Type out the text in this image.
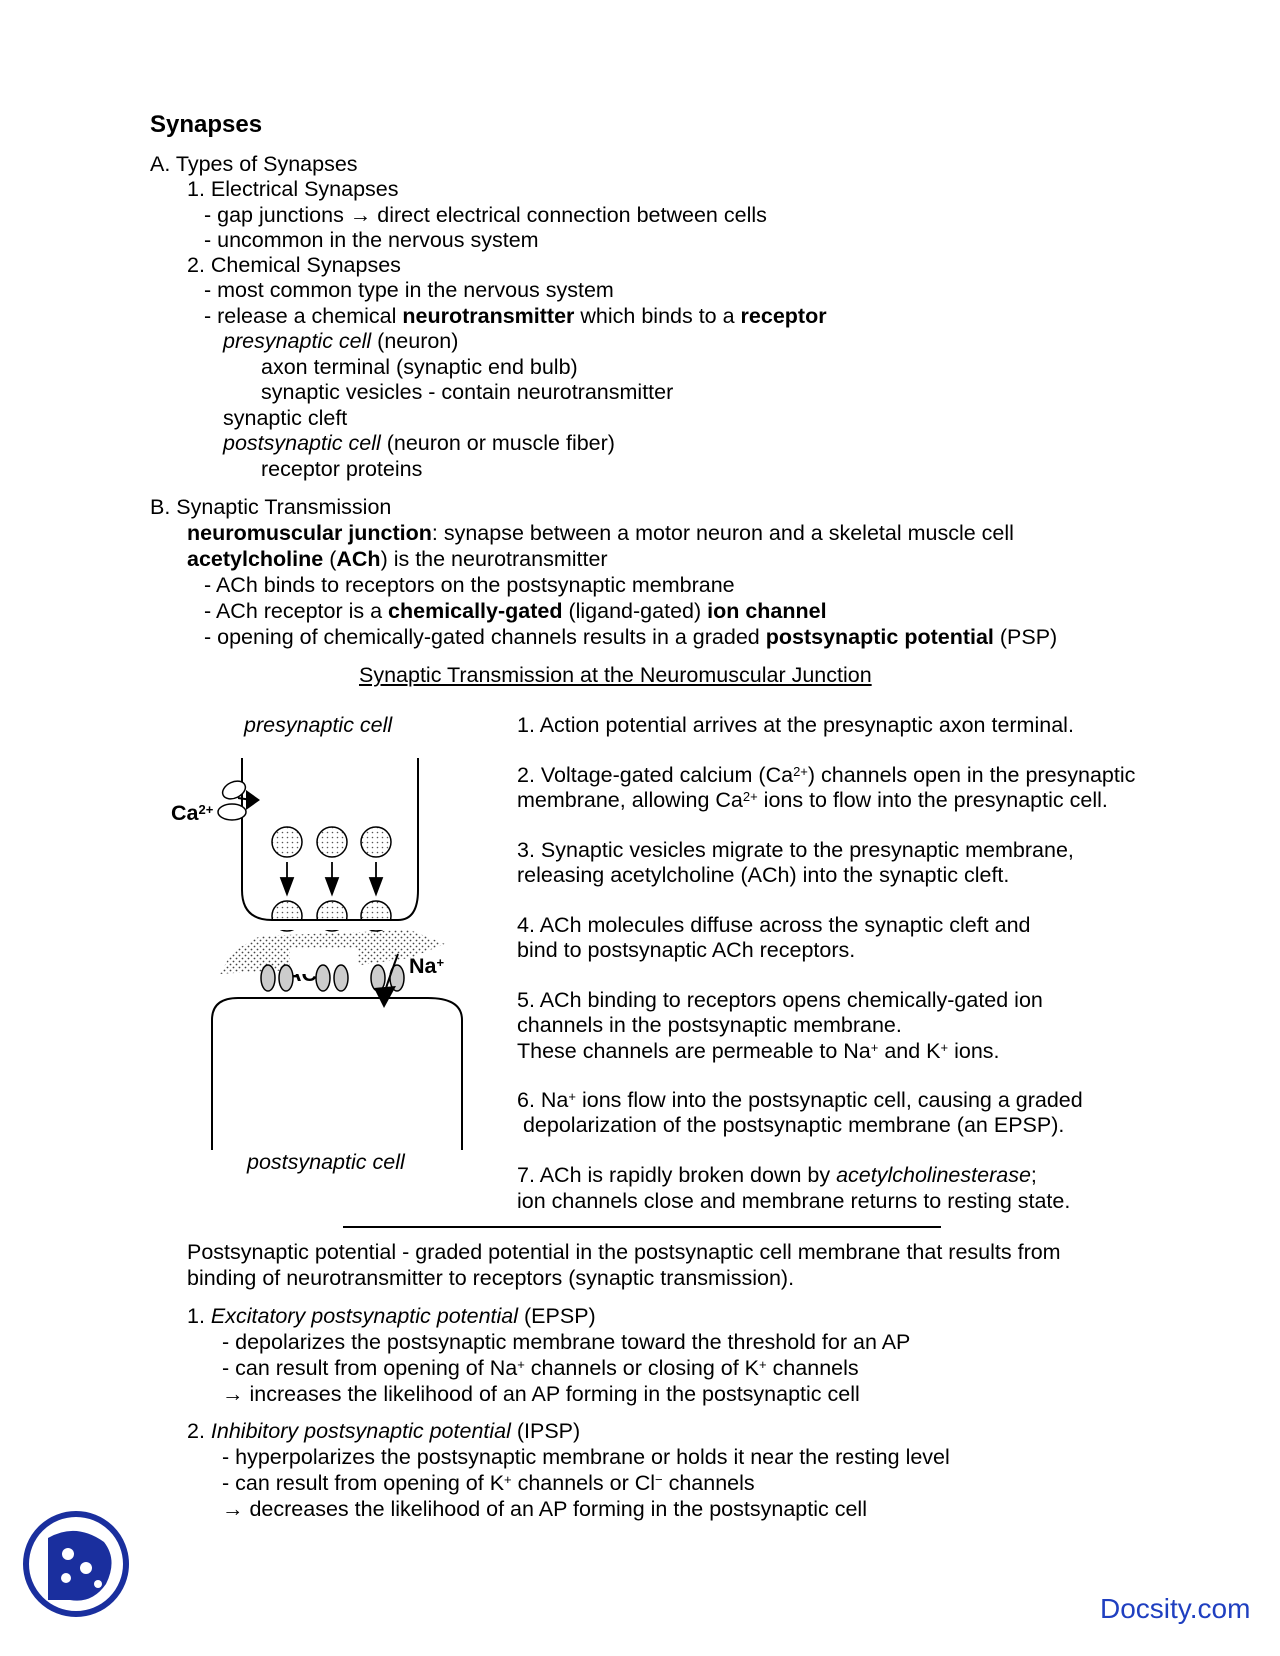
Synapses
A. Types of Synapses
1. Electrical Synapses
- gap junctions → direct electrical connection between cells
- uncommon in the nervous system
2. Chemical Synapses
- most common type in the nervous system
- release a chemical neurotransmitter which binds to a receptor
presynaptic cell (neuron)
axon terminal (synaptic end bulb)
synaptic vesicles - contain neurotransmitter
synaptic cleft
postsynaptic cell (neuron or muscle fiber)
receptor proteins
B. Synaptic Transmission
neuromuscular junction: synapse between a motor neuron and a skeletal muscle cell
acetylcholine (ACh) is the neurotransmitter
- ACh binds to receptors on the postsynaptic membrane
- ACh receptor is a chemically-gated (ligand-gated) ion channel
- opening of chemically-gated channels results in a graded postsynaptic potential (PSP)
Synaptic Transmission at the Neuromuscular Junction
presynaptic cell
postsynaptic cell
$Ca^{2+}$
Na+
1. Action potential arrives at the presynaptic axon terminal.
2. Voltage-gated calcium $(Ca^{2+})$ channels open in the presynaptic
membrane, allowing $Ca^{2+}$ ions to flow into the presynaptic cell.
3. Synaptic vesicles migrate to the presynaptic membrane,
releasing acetylcholine (ACh) into the synaptic cleft.
4. ACh molecules diffuse across the synaptic cleft and
bind to postsynaptic ACh receptors.
5. ACh binding to receptors opens chemically-gated ion
channels in the postsynaptic membrane.
These channels are permeable to Na+ and K+ ions.
6. Na+ ions flow into the postsynaptic cell, causing a graded
depolarization of the postsynaptic membrane (an EPSP).
7. ACh is rapidly broken down by acetylcholinesterase;
ion channels close and membrane returns to resting state.
Postsynaptic potential - graded potential in the postsynaptic cell membrane that results from
binding of neurotransmitter to receptors (synaptic transmission).
1. Excitatory postsynaptic potential (EPSP)
- depolarizes the postsynaptic membrane toward the threshold for an AP
- can result from opening of Na+ channels or closing of K+ channels
→ increases the likelihood of an AP forming in the postsynaptic cell
2. Inhibitory postsynaptic potential (IPSP)
- hyperpolarizes the postsynaptic membrane or holds it near the resting level
- can result from opening of K+ channels or Cl− channels
→ decreases the likelihood of an AP forming in the postsynaptic cell
Docsity.com
